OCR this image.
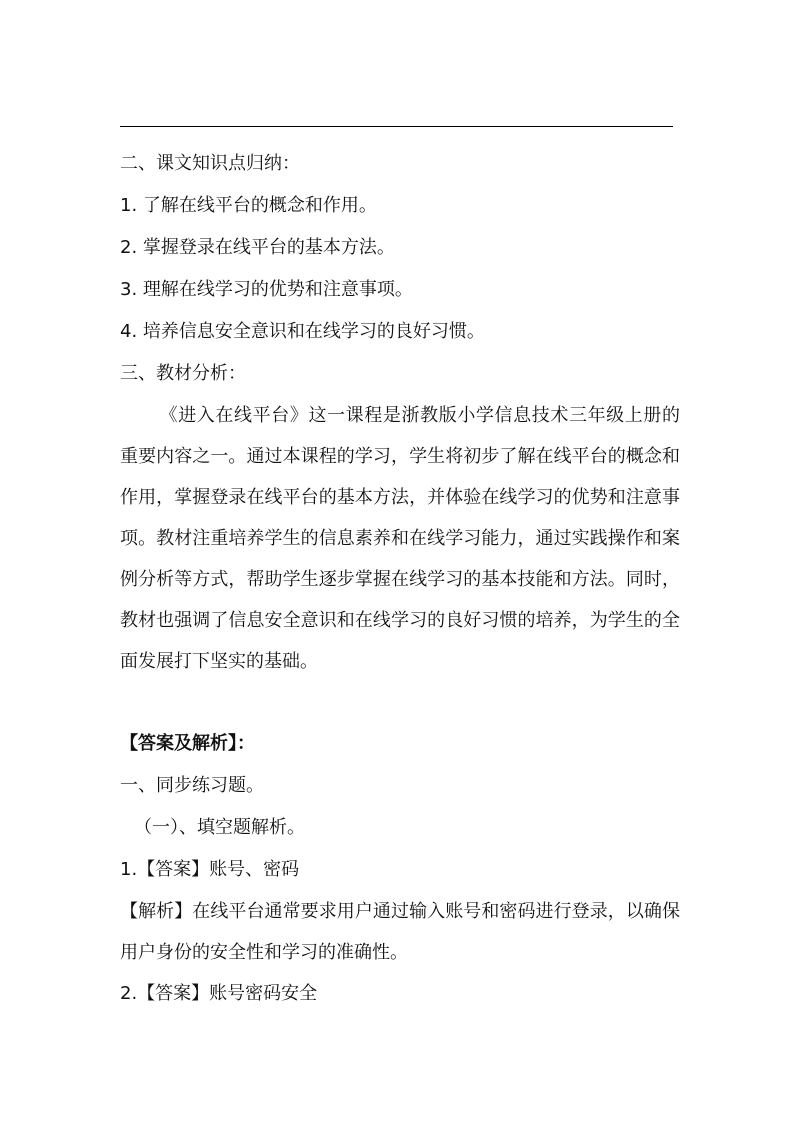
二、课文知识点归纳：

1. 了解在线平台的概念和作用。

2. 掌握登录在线平台的基本方法。

3. 理解在线学习的优势和注意事项。

4. 培养信息安全意识和在线学习的良好习惯。

三、教材分析：

《进入在线平台》这一课程是浙教版小学信息技术三年级上册的重要内容之一。通过本课程的学习，学生将初步了解在线平台的概念和作用，掌握登录在线平台的基本方法，并体验在线学习的优势和注意事项。教材注重培养学生的信息素养和在线学习能力，通过实践操作和案例分析等方式，帮助学生逐步掌握在线学习的基本技能和方法。同时，教材也强调了信息安全意识和在线学习的良好习惯的培养，为学生的全面发展打下坚实的基础。

【答案及解析】：

一、同步练习题。

（一）、填空题解析。

1.【答案】账号、密码

【解析】在线平台通常要求用户通过输入账号和密码进行登录，以确保用户身份的安全性和学习的准确性。

2.【答案】账号密码安全
